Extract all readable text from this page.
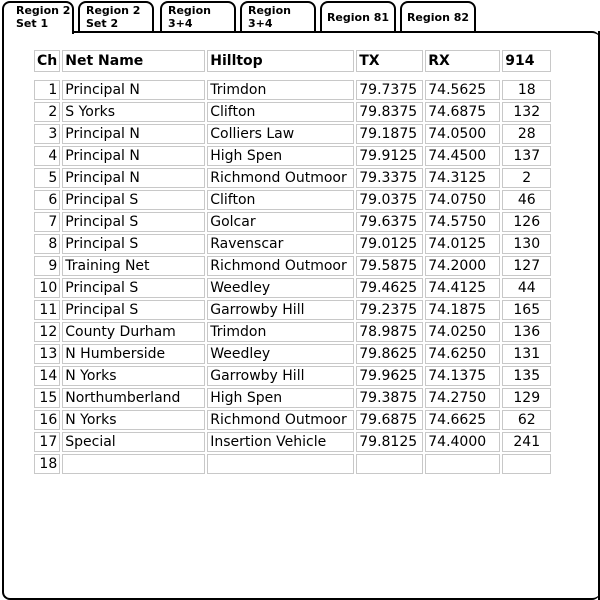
Region 2
Set 1
Region 2
Set 2
Region 3+4
Region 3+4	Region 81	Region 82
Ch	Net Name	Hilltop	TX	RX	914

1	Principal N	Trimdon	79.7375	74.5625	18
2	S Yorks	Clifton	79.8375	74.6875	132
3	Principal N	Colliers Law	79.1875	74.0500	28
4	Principal N	High Spen	79.9125	74.4500	137
5	Principal N	Richmond Outmoor	79.3375	74.3125	2
6	Principal S	Clifton	79.0375	74.0750	46
7	Principal S	Golcar	79.6375	74.5750	126
8	Principal S	Ravenscar	79.0125	74.0125	130
9	Training Net	Richmond Outmoor	79.5875	74.2000	127
10	Principal S	Weedley	79.4625	74.4125	44
11	Principal S	Garrowby Hill	79.2375	74.1875	165
12	County Durham	Trimdon	78.9875	74.0250	136
13	N Humberside	Weedley	79.8625	74.6250	131
14	N Yorks	Garrowby Hill	79.9625	74.1375	135
15	Northumberland	High Spen	79.3875	74.2750	129
16	N Yorks	Richmond Outmoor	79.6875	74.6625	62
17	Special	Insertion Vehicle	79.8125	74.4000	241
18					
